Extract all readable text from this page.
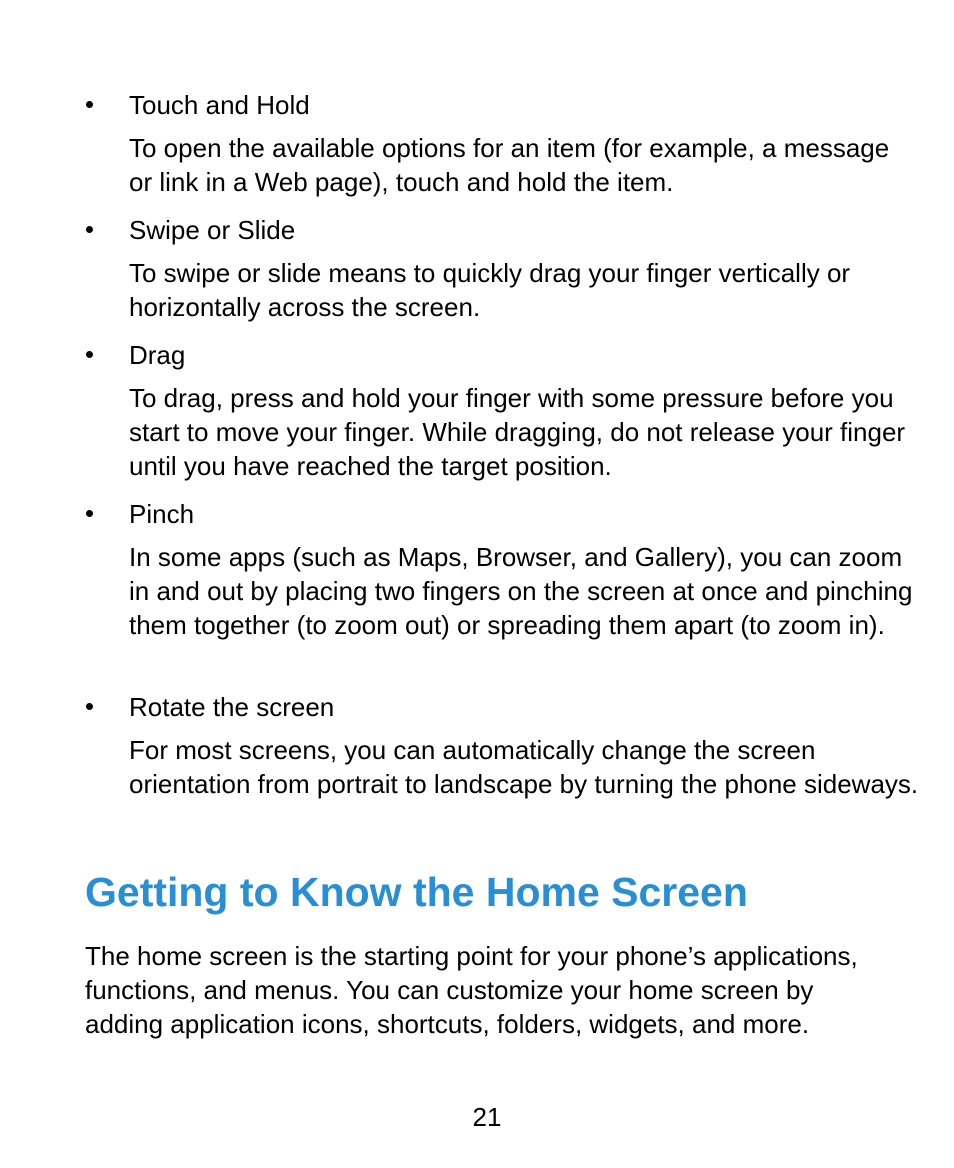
Touch and Hold

To open the available options for an item (for example, a message or link in a Web page), touch and hold the item.

Swipe or Slide

To swipe or slide means to quickly drag your finger vertically or horizontally across the screen.

Drag

To drag, press and hold your finger with some pressure before you start to move your finger. While dragging, do not release your finger until you have reached the target position.

Pinch

In some apps (such as Maps, Browser, and Gallery), you can zoom in and out by placing two fingers on the screen at once and pinching them together (to zoom out) or spreading them apart (to zoom in).

Rotate the screen

For most screens, you can automatically change the screen orientation from portrait to landscape by turning the phone sideways.

Getting to Know the Home Screen

The home screen is the starting point for your phone’s applications, functions, and menus. You can customize your home screen by adding application icons, shortcuts, folders, widgets, and more.

21
